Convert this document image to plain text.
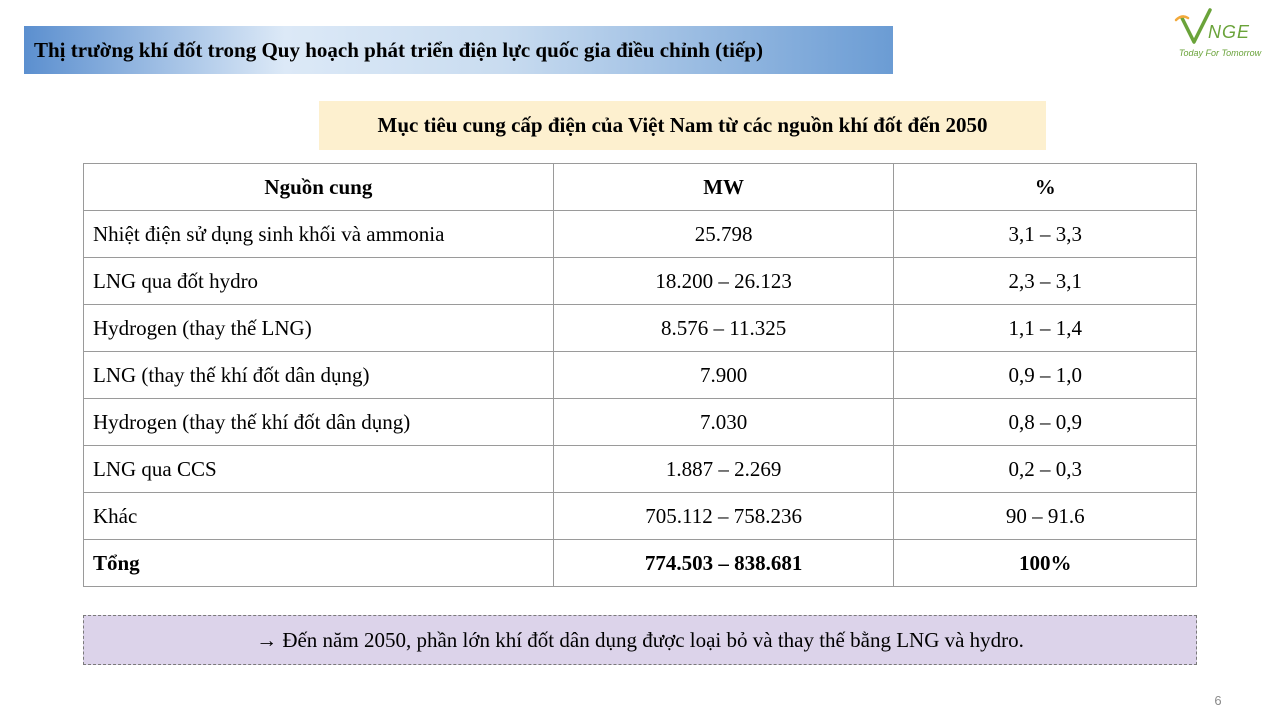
Thị trường khí đốt trong Quy hoạch phát triển điện lực quốc gia điều chỉnh (tiếp)
NGE
Today For Tomorrow
Mục tiêu cung cấp điện của Việt Nam từ các nguồn khí đốt đến 2050
Nguồn cung	MW	%
Nhiệt điện sử dụng sinh khối và ammonia	25.798	3,1 – 3,3
LNG qua đốt hydro	18.200 – 26.123	2,3 – 3,1
Hydrogen (thay thế LNG)	8.576 – 11.325	1,1 – 1,4
LNG (thay thế khí đốt dân dụng)	7.900	0,9 – 1,0
Hydrogen (thay thế khí đốt dân dụng)	7.030	0,8 – 0,9
LNG qua CCS	1.887 – 2.269	0,2 – 0,3
Khác	705.112 – 758.236	90 – 91.6
Tổng	774.503 – 838.681	100%
→ Đến năm 2050, phần lớn khí đốt dân dụng được loại bỏ và thay thế bằng LNG và hydro.
6
